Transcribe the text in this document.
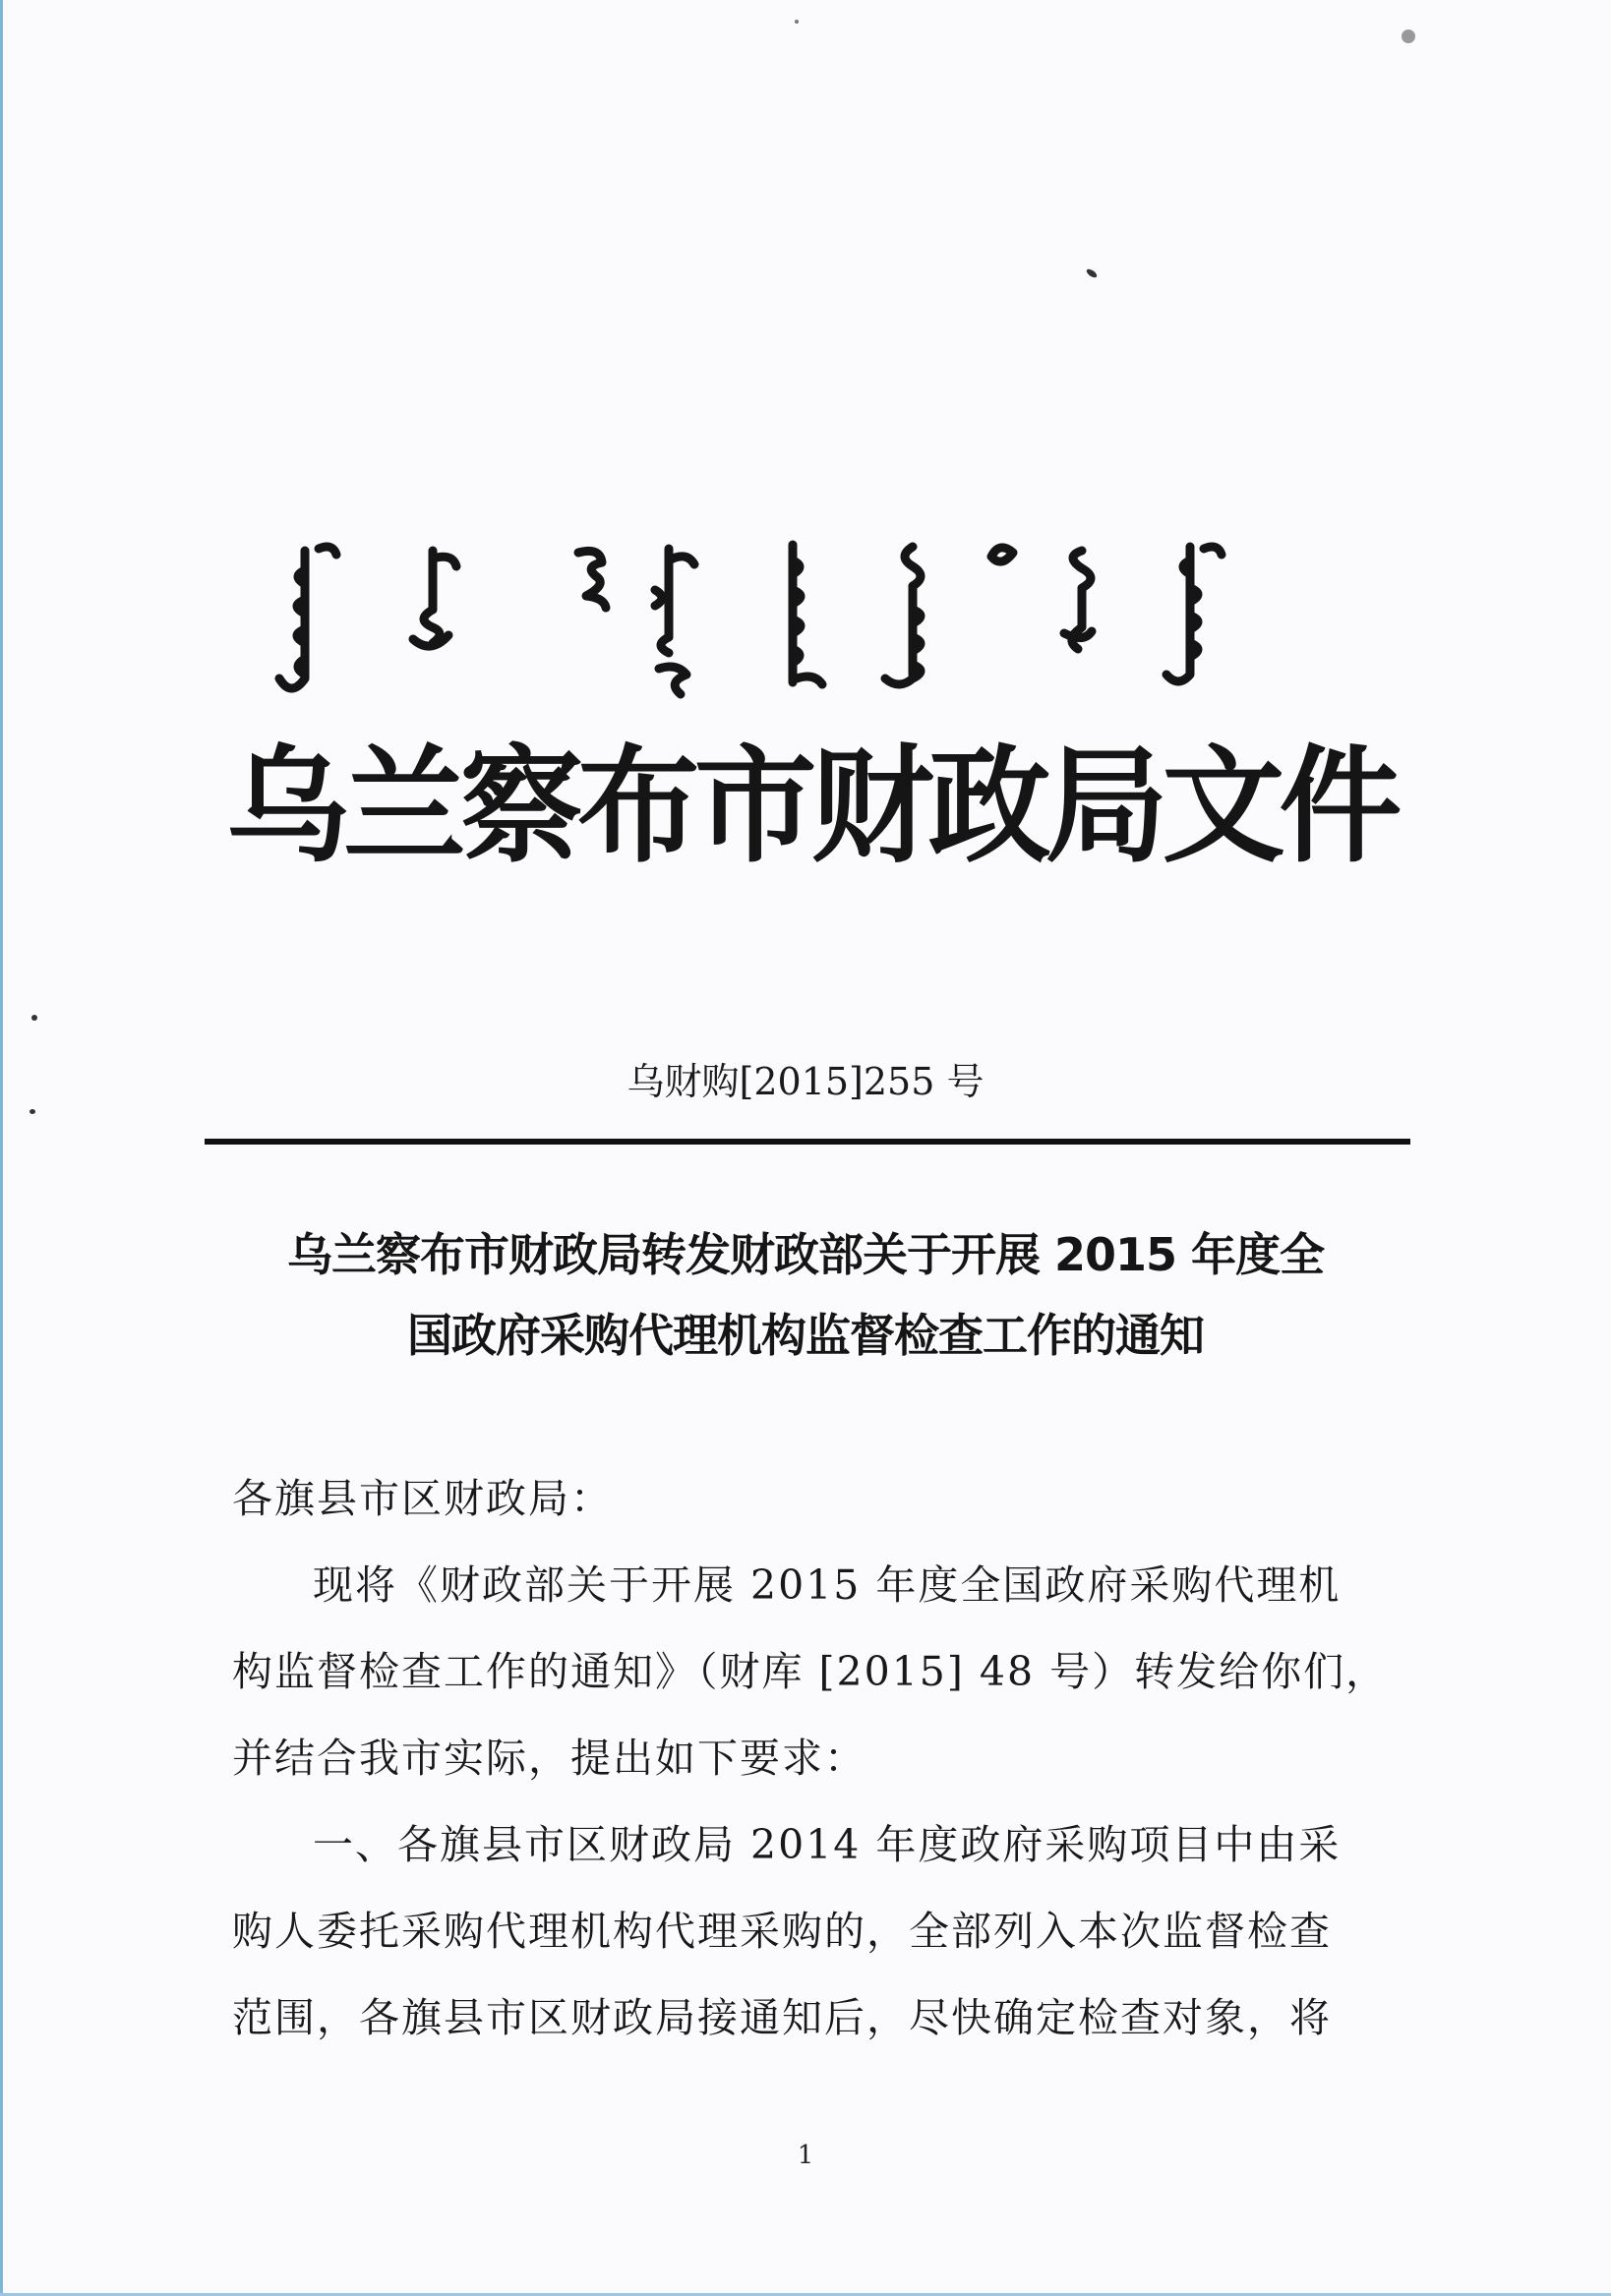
乌兰察布市财政局文件
乌财购[2015]255 号
乌兰察布市财政局转发财政部关于开展 2015 年度全
国政府采购代理机构监督检查工作的通知

各旗县市区财政局：

现将《财政部关于开展 2015 年度全国政府采购代理机
构监督检查工作的通知》（财库 [2015] 48 号）转发给你们，
并结合我市实际，提出如下要求：

一、各旗县市区财政局 2014 年度政府采购项目中由采
购人委托采购代理机构代理采购的，全部列入本次监督检查
范围，各旗县市区财政局接通知后，尽快确定检查对象，将

1
